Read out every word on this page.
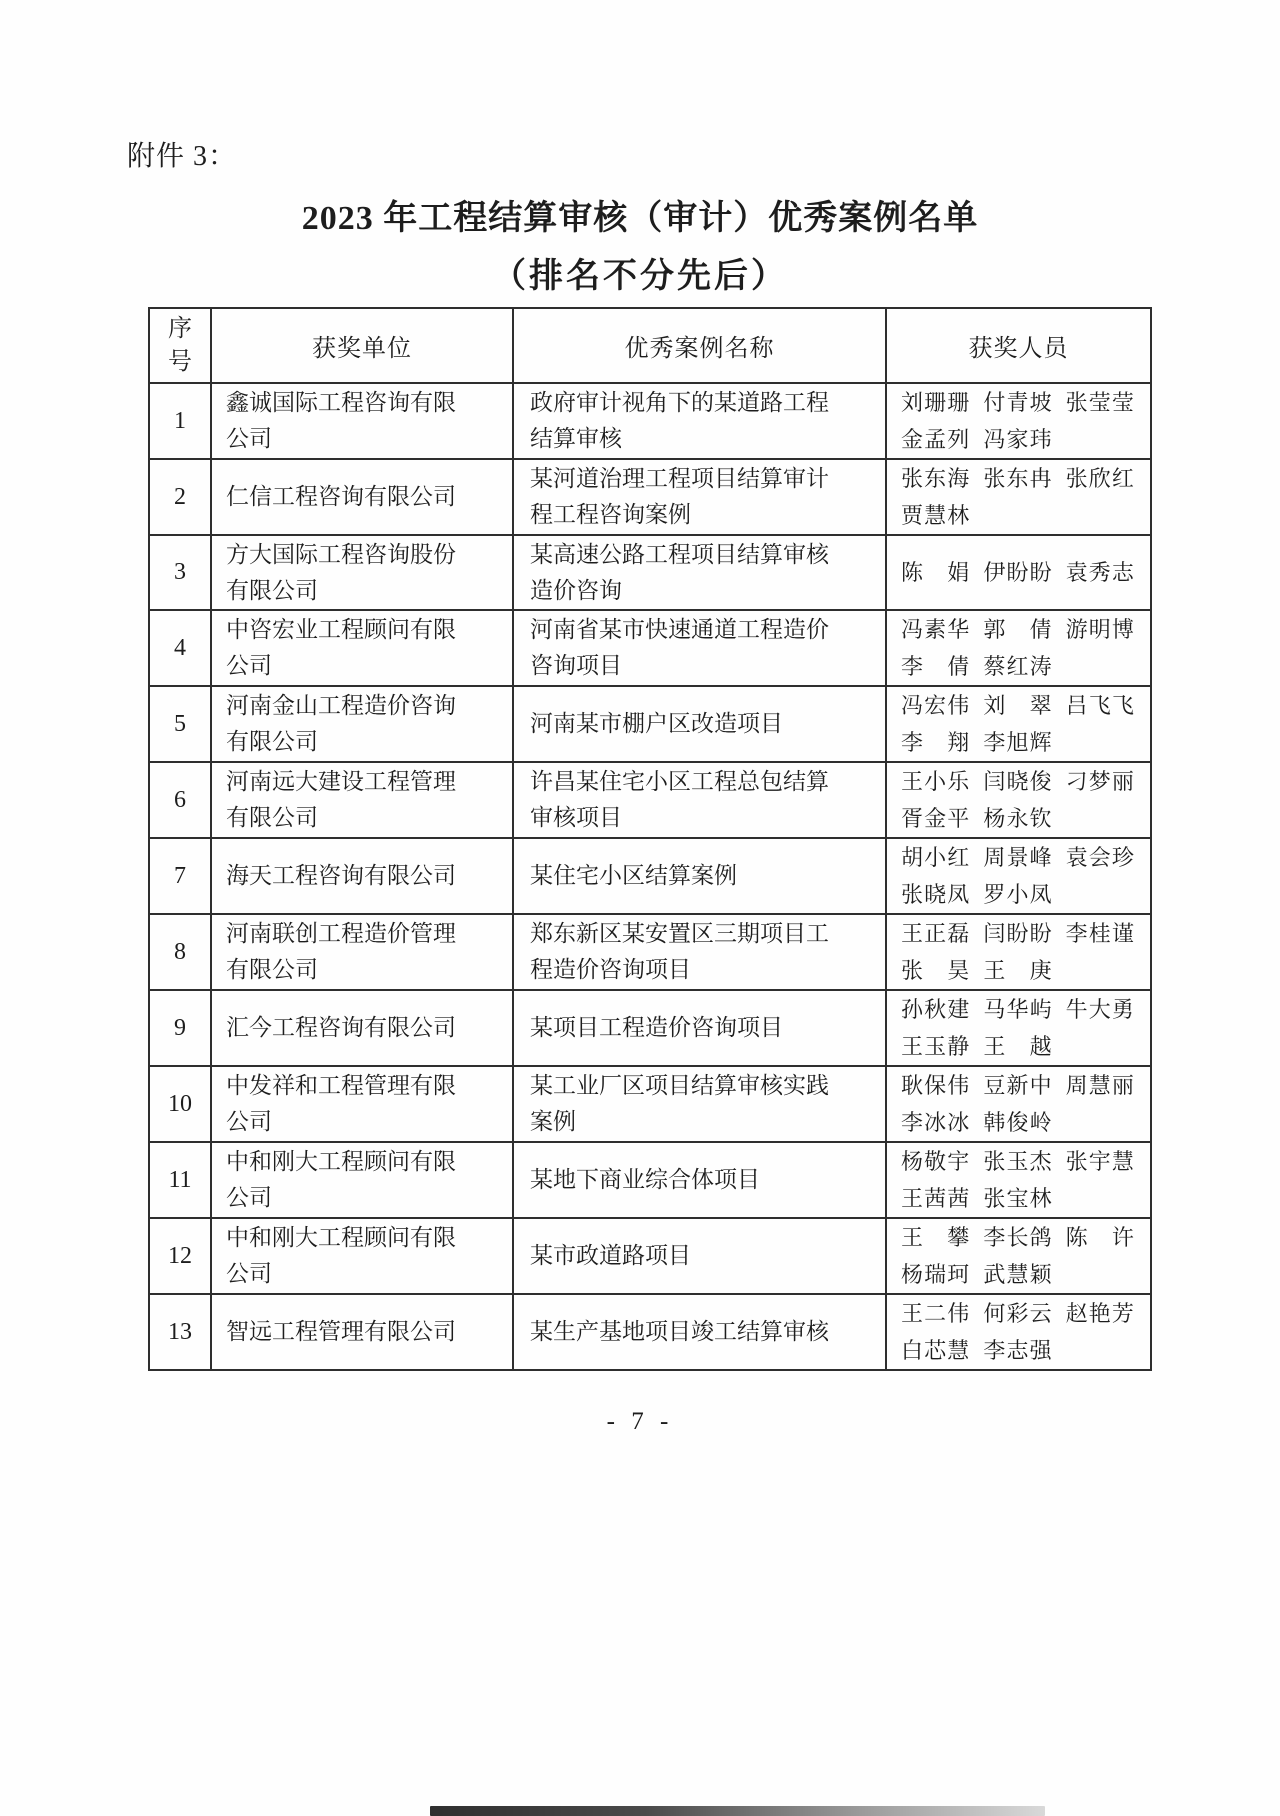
附件 3：
2023 年工程结算审核（审计）优秀案例名单
（排名不分先后）
序号	获奖单位	优秀案例名称	获奖人员
1	鑫诚国际工程咨询有限公司	政府审计视角下的某道路工程结算审核	刘珊珊 付青坡 张莹莹
金孟列 冯家玮

2	仁信工程咨询有限公司	某河道治理工程项目结算审计程工程咨询案例	张东海 张东冉 张欣红
贾慧林

3	方大国际工程咨询股份有限公司	某高速公路工程项目结算审核造价咨询	陈娟 伊盼盼 袁秀志

4	中咨宏业工程顾问有限公司	河南省某市快速通道工程造价咨询项目	冯素华 郭倩 游明博
李倩 蔡红涛

5	河南金山工程造价咨询有限公司	河南某市棚户区改造项目	冯宏伟 刘翠 吕飞飞
李翔 李旭辉

6	河南远大建设工程管理有限公司	许昌某住宅小区工程总包结算审核项目	王小乐 闫晓俊 刁梦丽
胥金平 杨永钦

7	海天工程咨询有限公司	某住宅小区结算案例	胡小红 周景峰 袁会珍
张晓凤 罗小凤

8	河南联创工程造价管理有限公司	郑东新区某安置区三期项目工程造价咨询项目	王正磊 闫盼盼 李桂谨
张昊 王庚

9	汇今工程咨询有限公司	某项目工程造价咨询项目	孙秋建 马华屿 牛大勇
王玉静 王越

10	中发祥和工程管理有限公司	某工业厂区项目结算审核实践案例	耿保伟 豆新中 周慧丽
李冰冰 韩俊岭

11	中和刚大工程顾问有限公司	某地下商业综合体项目	杨敬宇 张玉杰 张宇慧
王茜茜 张宝林

12	中和刚大工程顾问有限公司	某市政道路项目	王攀 李长鸽 陈许
杨瑞珂 武慧颖

13	智远工程管理有限公司	某生产基地项目竣工结算审核	王二伟 何彩云 赵艳芳
白芯慧 李志强
- 7 -
